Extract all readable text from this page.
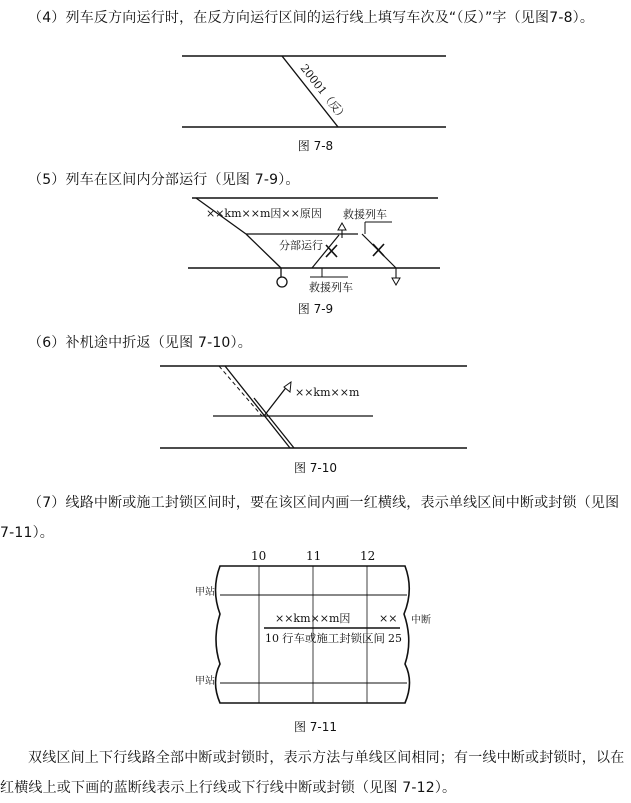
（4）列车反方向运行时，在反方向运行区间的运行线上填写车次及“（反）”字（见图7-8）。
20001（反）
图 7-8
（5）列车在区间内分部运行（见图 7-9）。
××km××m因××原因 救援列车
分部运行
救援列车
图 7-9
（6）补机途中折返（见图 7-10）。
××km××m
图 7-10
（7）线路中断或施工封锁区间时，要在该区间内画一红横线，表示单线区间中断或封锁（见图 7-11）。
10	11	12
甲站
甲站
××km××m因	×× 中断
10 行车或施工封锁区间 25
图 7-11
双线区间上下行线路全部中断或封锁时，表示方法与单线区间相同；有一线中断或封锁时，以在红横线上或下画的蓝断线表示上行线或下行线中断或封锁（见图 7-12）。
